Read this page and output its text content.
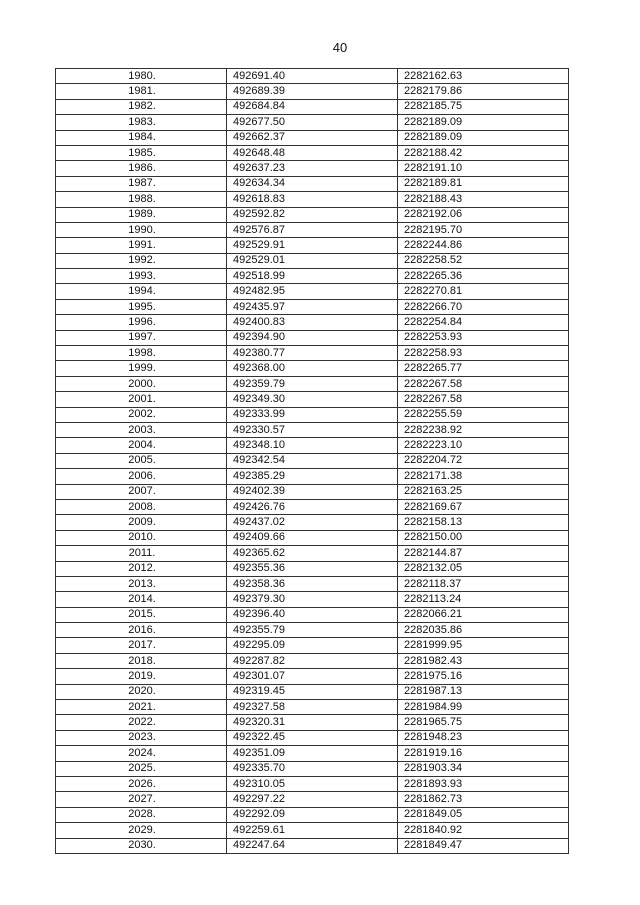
40
1980.	492691.40	2282162.63
1981.	492689.39	2282179.86
1982.	492684.84	2282185.75
1983.	492677.50	2282189.09
1984.	492662.37	2282189.09
1985.	492648.48	2282188.42
1986.	492637.23	2282191.10
1987.	492634.34	2282189.81
1988.	492618.83	2282188.43
1989.	492592.82	2282192.06
1990.	492576.87	2282195.70
1991.	492529.91	2282244.86
1992.	492529.01	2282258.52
1993.	492518.99	2282265.36
1994.	492482.95	2282270.81
1995.	492435.97	2282266.70
1996.	492400.83	2282254.84
1997.	492394.90	2282253.93
1998.	492380.77	2282258.93
1999.	492368.00	2282265.77
2000.	492359.79	2282267.58
2001.	492349.30	2282267.58
2002.	492333.99	2282255.59
2003.	492330.57	2282238.92
2004.	492348.10	2282223.10
2005.	492342.54	2282204.72
2006.	492385.29	2282171.38
2007.	492402.39	2282163.25
2008.	492426.76	2282169.67
2009.	492437.02	2282158.13
2010.	492409.66	2282150.00
2011.	492365.62	2282144.87
2012.	492355.36	2282132.05
2013.	492358.36	2282118.37
2014.	492379.30	2282113.24
2015.	492396.40	2282066.21
2016.	492355.79	2282035.86
2017.	492295.09	2281999.95
2018.	492287.82	2281982.43
2019.	492301.07	2281975.16
2020.	492319.45	2281987.13
2021.	492327.58	2281984.99
2022.	492320.31	2281965.75
2023.	492322.45	2281948.23
2024.	492351.09	2281919.16
2025.	492335.70	2281903.34
2026.	492310.05	2281893.93
2027.	492297.22	2281862.73
2028.	492292.09	2281849.05
2029.	492259.61	2281840.92
2030.	492247.64	2281849.47
